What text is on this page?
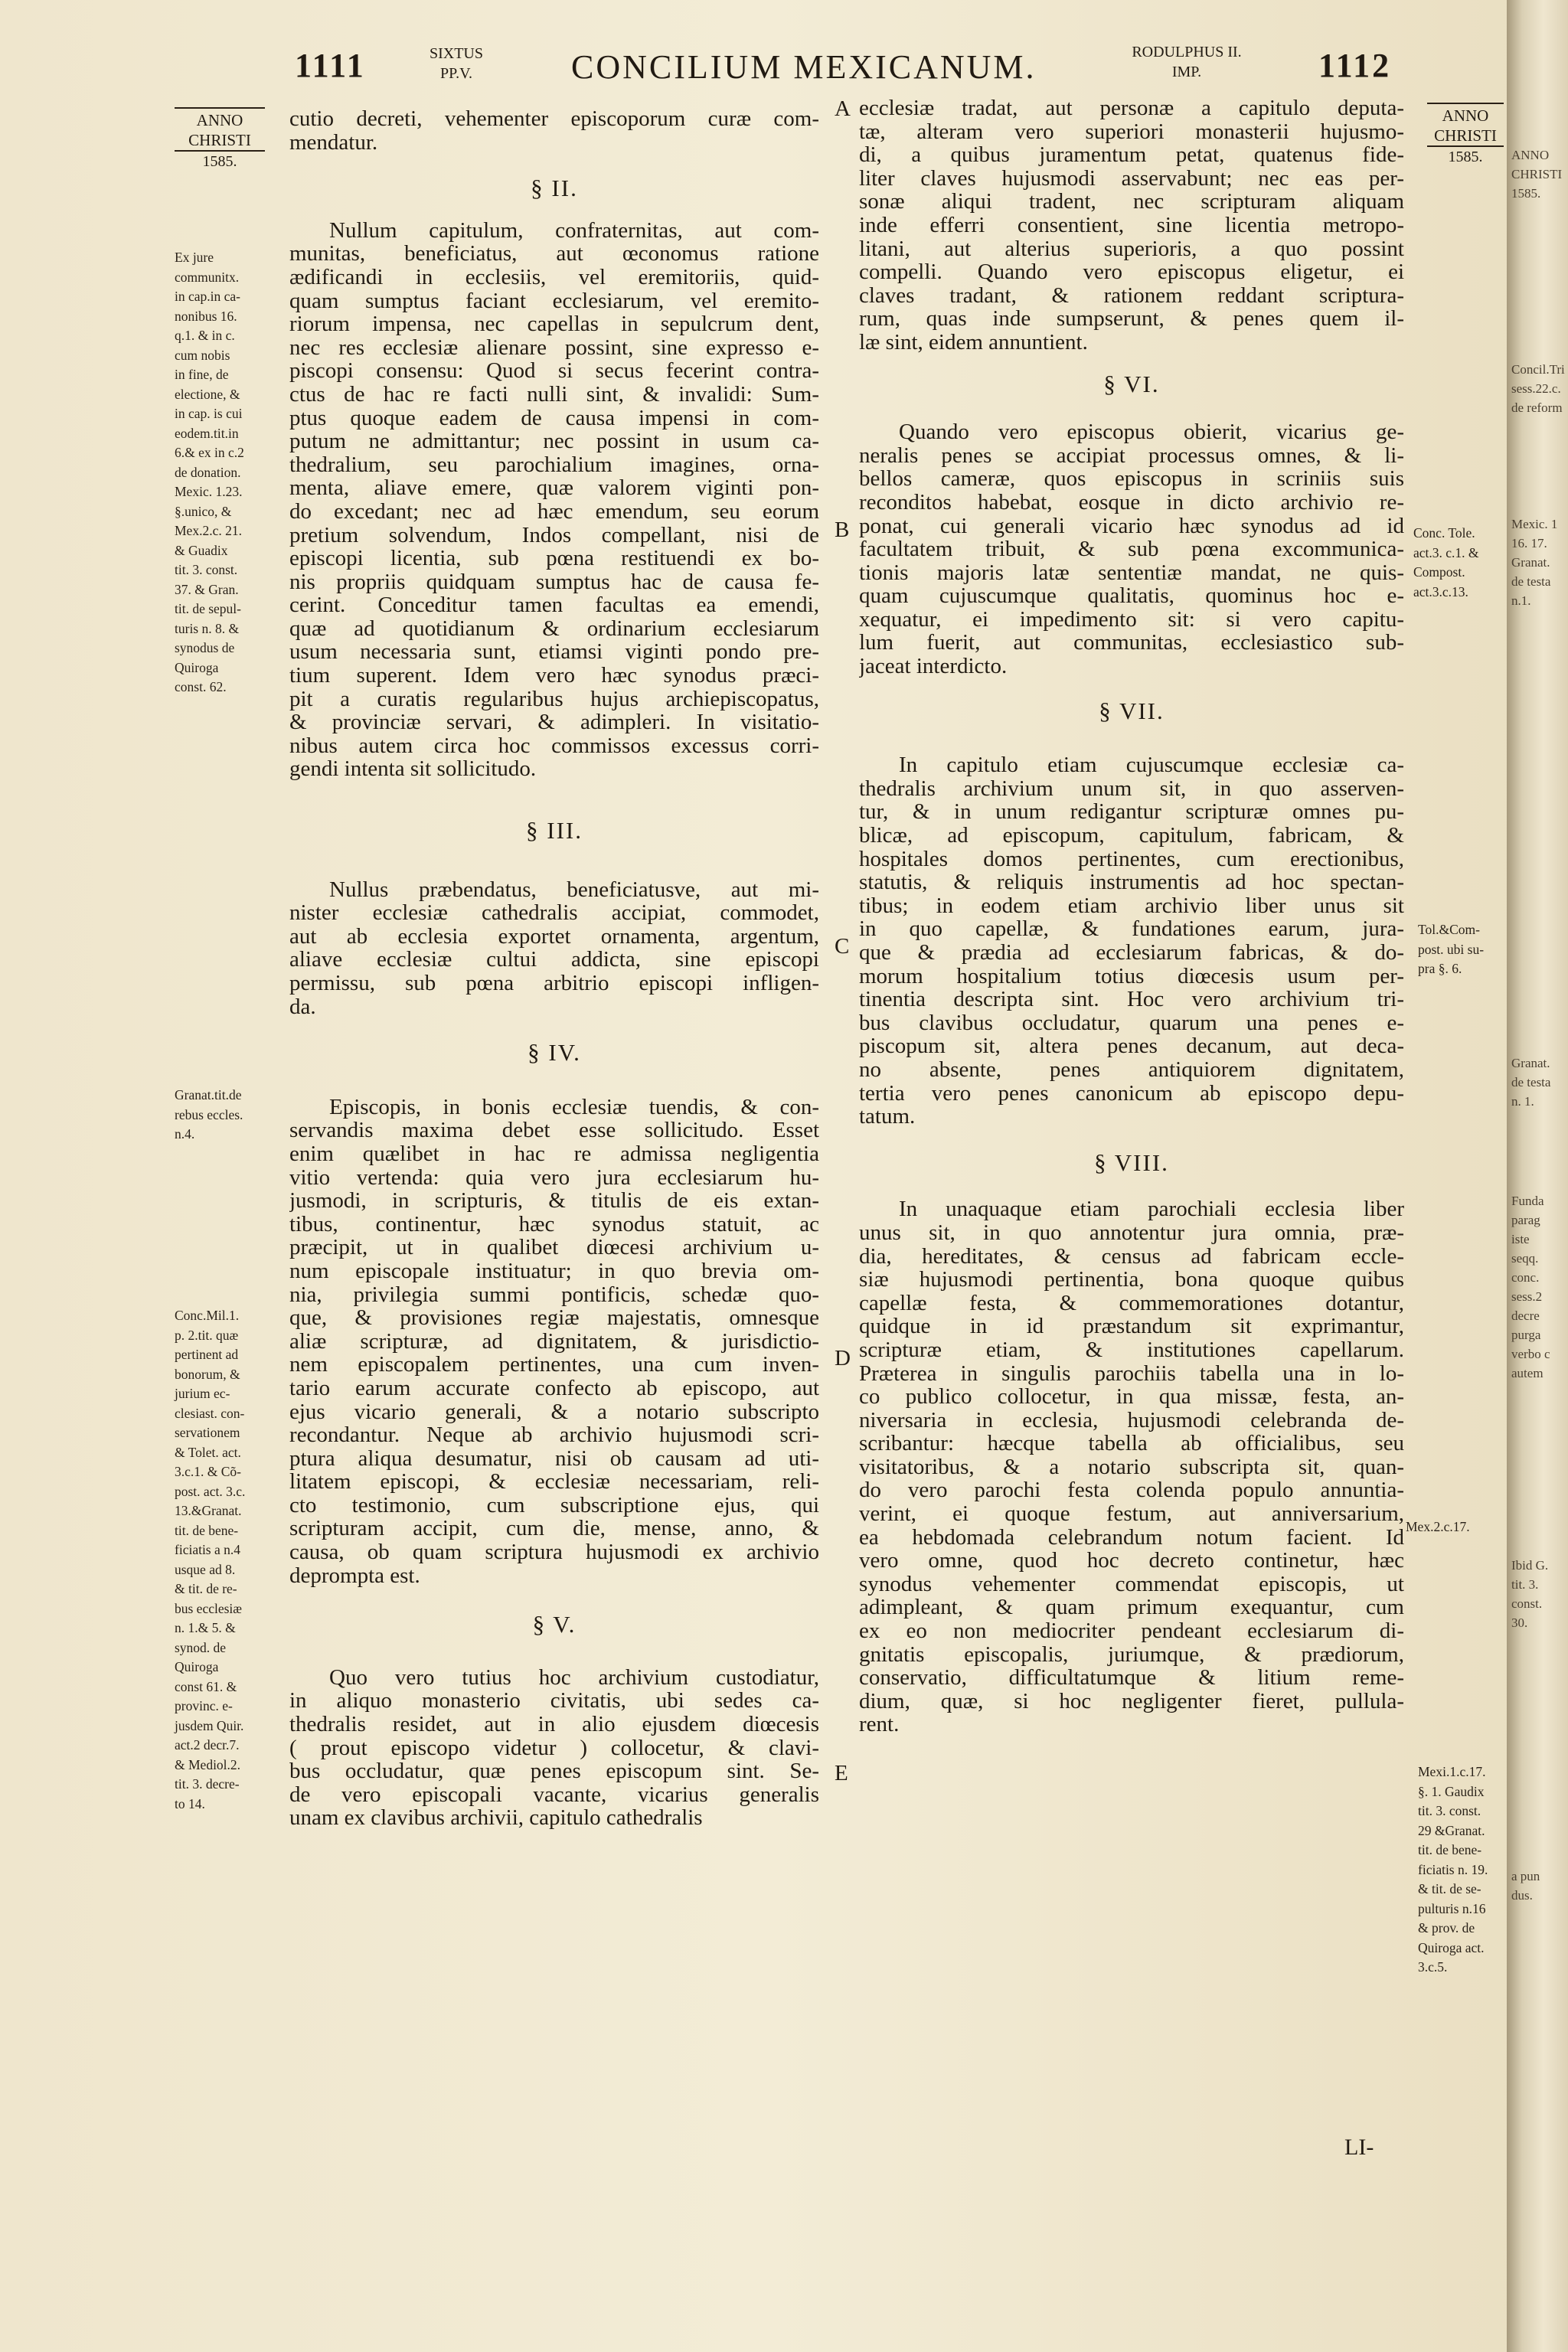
1111	SIXTUS
PP.V.	CONCILIUM MEXICANUM.	RODULPHUS II.
IMP.	1112
ANNO
CHRISTI
1585.
ANNO
CHRISTI
1585.
A
B
C
D
E
cutio decreti, vehementer episcoporum curæ com-
mendatur.
§ II.
Nullum capitulum, confraternitas, aut com-
munitas, beneficiatus, aut œconomus ratione
ædificandi in ecclesiis, vel eremitoriis, quid-
quam sumptus faciant ecclesiarum, vel eremito-
riorum impensa, nec capellas in sepulcrum dent,
nec res ecclesiæ alienare possint, sine expresso e-
piscopi consensu: Quod si secus fecerint contra-
ctus de hac re facti nulli sint, & invalidi: Sum-
ptus quoque eadem de causa impensi in com-
putum ne admittantur; nec possint in usum ca-
thedralium, seu parochialium imagines, orna-
menta, aliave emere, quæ valorem viginti pon-
do excedant; nec ad hæc emendum, seu eorum
pretium solvendum, Indos compellant, nisi de
episcopi licentia, sub pœna restituendi ex bo-
nis propriis quidquam sumptus hac de causa fe-
cerint. Conceditur tamen facultas ea emendi,
quæ ad quotidianum & ordinarium ecclesiarum
usum necessaria sunt, etiamsi viginti pondo pre-
tium superent. Idem vero hæc synodus præci-
pit a curatis regularibus hujus archiepiscopatus,
& provinciæ servari, & adimpleri. In visitatio-
nibus autem circa hoc commissos excessus corri-
gendi intenta sit sollicitudo.
§ III.
Nullus præbendatus, beneficiatusve, aut mi-
nister ecclesiæ cathedralis accipiat, commodet,
aut ab ecclesia exportet ornamenta, argentum,
aliave ecclesiæ cultui addicta, sine episcopi
permissu, sub pœna arbitrio episcopi infligen-
da.
§ IV.
Episcopis, in bonis ecclesiæ tuendis, & con-
servandis maxima debet esse sollicitudo. Esset
enim quælibet in hac re admissa negligentia
vitio vertenda: quia vero jura ecclesiarum hu-
jusmodi, in scripturis, & titulis de eis extan-
tibus, continentur, hæc synodus statuit, ac
præcipit, ut in qualibet diœcesi archivium u-
num episcopale instituatur; in quo brevia om-
nia, privilegia summi pontificis, schedæ quo-
que, & provisiones regiæ majestatis, omnesque
aliæ scripturæ, ad dignitatem, & jurisdictio-
nem episcopalem pertinentes, una cum inven-
tario earum accurate confecto ab episcopo, aut
ejus vicario generali, & a notario subscripto
recondantur. Neque ab archivio hujusmodi scri-
ptura aliqua desumatur, nisi ob causam ad uti-
litatem episcopi, & ecclesiæ necessariam, reli-
cto testimonio, cum subscriptione ejus, qui
scripturam accipit, cum die, mense, anno, &
causa, ob quam scriptura hujusmodi ex archivio
deprompta est.
§ V.
Quo vero tutius hoc archivium custodiatur,
in aliquo monasterio civitatis, ubi sedes ca-
thedralis residet, aut in alio ejusdem diœcesis
( prout episcopo videtur ) collocetur, & clavi-
bus occludatur, quæ penes episcopum sint. Se-
de vero episcopali vacante, vicarius generalis
unam ex clavibus archivii, capitulo cathedralis
ecclesiæ tradat, aut personæ a capitulo deputa-
tæ, alteram vero superiori monasterii hujusmo-
di, a quibus juramentum petat, quatenus fide-
liter claves hujusmodi asservabunt; nec eas per-
sonæ aliqui tradent, nec scripturam aliquam
inde efferri consentient, sine licentia metropo-
litani, aut alterius superioris, a quo possint
compelli. Quando vero episcopus eligetur, ei
claves tradant, & rationem reddant scriptura-
rum, quas inde sumpserunt, & penes quem il-
læ sint, eidem annuntient.
§ VI.
Quando vero episcopus obierit, vicarius ge-
neralis penes se accipiat processus omnes, & li-
bellos cameræ, quos episcopus in scriniis suis
reconditos habebat, eosque in dicto archivio re-
ponat, cui generali vicario hæc synodus ad id
facultatem tribuit, & sub pœna excommunica-
tionis majoris latæ sententiæ mandat, ne quis-
quam cujuscumque qualitatis, quominus hoc e-
xequatur, ei impedimento sit: si vero capitu-
lum fuerit, aut communitas, ecclesiastico sub-
jaceat interdicto.
§ VII.
In capitulo etiam cujuscumque ecclesiæ ca-
thedralis archivium unum sit, in quo asserven-
tur, & in unum redigantur scripturæ omnes pu-
blicæ, ad episcopum, capitulum, fabricam, &
hospitales domos pertinentes, cum erectionibus,
statutis, & reliquis instrumentis ad hoc spectan-
tibus; in eodem etiam archivio liber unus sit
in quo capellæ, & fundationes earum, jura-
que & prædia ad ecclesiarum fabricas, & do-
morum hospitalium totius diœcesis usum per-
tinentia descripta sint. Hoc vero archivium tri-
bus clavibus occludatur, quarum una penes e-
piscopum sit, altera penes decanum, aut deca-
no absente, penes antiquiorem dignitatem,
tertia vero penes canonicum ab episcopo depu-
tatum.
§ VIII.
In unaquaque etiam parochiali ecclesia liber
unus sit, in quo annotentur jura omnia, præ-
dia, hereditates, & census ad fabricam eccle-
siæ hujusmodi pertinentia, bona quoque quibus
capellæ festa, & commemorationes dotantur,
quidque in id præstandum sit exprimantur,
scripturæ etiam, & institutiones capellarum.
Præterea in singulis parochiis tabella una in lo-
co publico collocetur, in qua missæ, festa, an-
niversaria in ecclesia, hujusmodi celebranda de-
scribantur: hæcque tabella ab officialibus, seu
visitatoribus, & a notario subscripta sit, quan-
do vero parochi festa colenda populo annuntia-
verint, ei quoque festum, aut anniversarium,
ea hebdomada celebrandum notum facient. Id
vero omne, quod hoc decreto continetur, hæc
synodus vehementer commendat episcopis, ut
adimpleant, & quam primum exequantur, cum
ex eo non mediocriter pendeant ecclesiarum di-
gnitatis episcopalis, juriumque, & prædiorum,
conservatio, difficultatumque & litium reme-
dium, quæ, si hoc negligenter fieret, pullula-
rent.
Ex jure
communitx.
in cap.in ca-
nonibus 16.
q.1. & in c.
cum nobis
in fine, de
electione, &
in cap. is cui
eodem.tit.in
6.& ex in c.2
de donation.
Mexic. 1.23.
§.unico, &
Mex.2.c. 21.
& Guadix
tit. 3. const.
37. & Gran.
tit. de sepul-
turis n. 8. &
synodus de
Quiroga
const. 62.
Granat.tit.de
rebus eccles.
n.4.
Conc.Mil.1.
p. 2.tit. quæ
pertinent ad
bonorum, &
jurium ec-
clesiast. con-
servationem
& Tolet. act.
3.c.1. & Cõ-
post. act. 3.c.
13.&Granat.
tit. de bene-
ficiatis a n.4
usque ad 8.
& tit. de re-
bus ecclesiæ
n. 1.& 5. &
synod. de
Quiroga
const 61. &
provinc. e-
jusdem Quir.
act.2 decr.7.
& Mediol.2.
tit. 3. decre-
to 14.
Conc. Tole.
act.3. c.1. &
Compost.
act.3.c.13.
Tol.&Com-
post. ubi su-
pra §. 6.
Mex.2.c.17.
Mexi.1.c.17.
§. 1. Gaudix
tit. 3. const.
29 &Granat.
tit. de bene-
ficiatis n. 19.
& tit. de se-
pulturis n.16
& prov. de
Quiroga act.
3.c.5.
ANNO
CHRISTI
1585.
Concil.Tri
sess.22.c.
de reform
Mexic. 1
16. 17.
Granat.
de testa
n.1.
Granat.
de testa
n. 1.
Funda
parag
iste
seqq.
conc.
sess.2
decre
purga
verbo c
autem
Ibid G.
tit. 3.
const.
30.
a pun
dus.
LI-
